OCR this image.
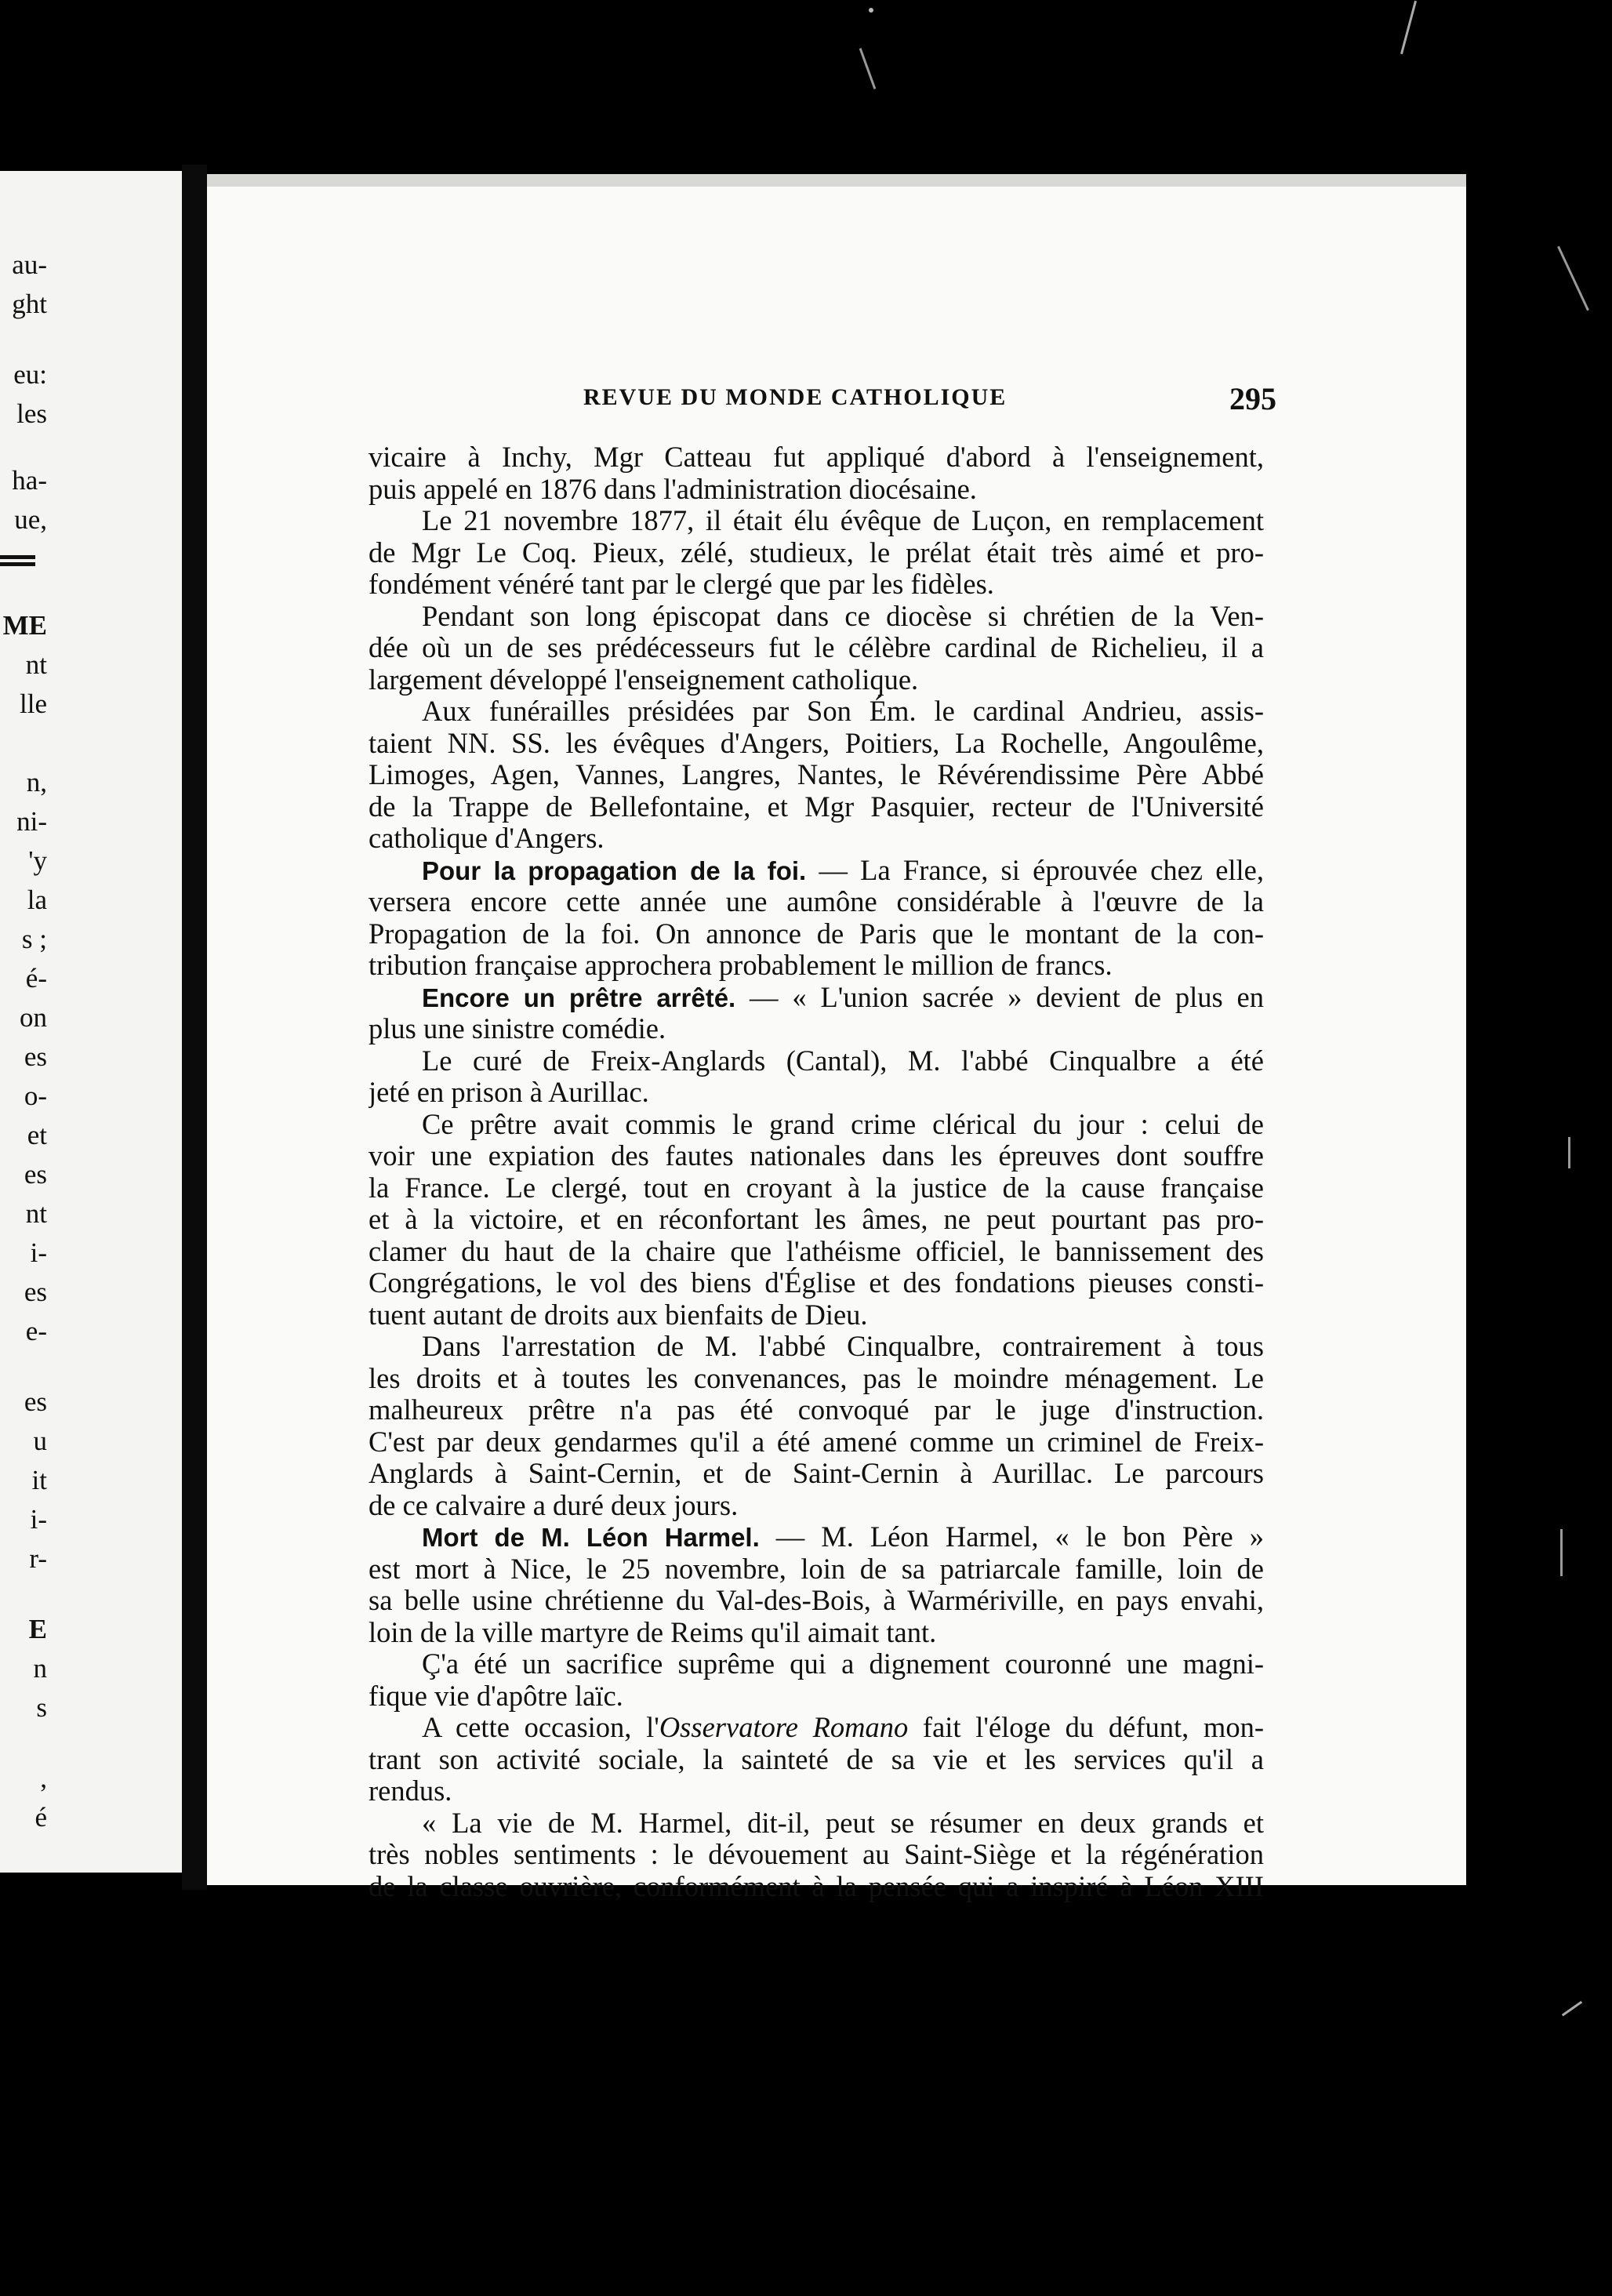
au-
ght
eu:
les
ha-
ue,
ME
nt
lle
n,
ni-
'y
la
s ;
é-
on
es
o-
et
es
nt
i-
es
e-
es
u
it
i-
r-
E
n
s
,
é
REVUE DU MONDE CATHOLIQUE	295
vicaire à Inchy, Mgr Catteau fut appliqué d'abord à l'enseignement,
puis appelé en 1876 dans l'administration diocésaine.
Le 21 novembre 1877, il était élu évêque de Luçon, en remplacement
de Mgr Le Coq. Pieux, zélé, studieux, le prélat était très aimé et pro-
fondément vénéré tant par le clergé que par les fidèles.
Pendant son long épiscopat dans ce diocèse si chrétien de la Ven-
dée où un de ses prédécesseurs fut le célèbre cardinal de Richelieu, il a
largement développé l'enseignement catholique.
Aux funérailles présidées par Son Ém. le cardinal Andrieu, assis-
taient NN. SS. les évêques d'Angers, Poitiers, La Rochelle, Angoulême,
Limoges, Agen, Vannes, Langres, Nantes, le Révérendissime Père Abbé
de la Trappe de Bellefontaine, et Mgr Pasquier, recteur de l'Université
catholique d'Angers.
Pour la propagation de la foi. — La France, si éprouvée chez elle,
versera encore cette année une aumône considérable à l'œuvre de la
Propagation de la foi. On annonce de Paris que le montant de la con-
tribution française approchera probablement le million de francs.
Encore un prêtre arrêté. — « L'union sacrée » devient de plus en
plus une sinistre comédie.
Le curé de Freix-Anglards (Cantal), M. l'abbé Cinqualbre a été
jeté en prison à Aurillac.
Ce prêtre avait commis le grand crime clérical du jour : celui de
voir une expiation des fautes nationales dans les épreuves dont souffre
la France. Le clergé, tout en croyant à la justice de la cause française
et à la victoire, et en réconfortant les âmes, ne peut pourtant pas pro-
clamer du haut de la chaire que l'athéisme officiel, le bannissement des
Congrégations, le vol des biens d'Église et des fondations pieuses consti-
tuent autant de droits aux bienfaits de Dieu.
Dans l'arrestation de M. l'abbé Cinqualbre, contrairement à tous
les droits et à toutes les convenances, pas le moindre ménagement. Le
malheureux prêtre n'a pas été convoqué par le juge d'instruction.
C'est par deux gendarmes qu'il a été amené comme un criminel de Freix-
Anglards à Saint-Cernin, et de Saint-Cernin à Aurillac. Le parcours
de ce calvaire a duré deux jours.
Mort de M. Léon Harmel. — M. Léon Harmel, « le bon Père »
est mort à Nice, le 25 novembre, loin de sa patriarcale famille, loin de
sa belle usine chrétienne du Val-des-Bois, à Warmériville, en pays envahi,
loin de la ville martyre de Reims qu'il aimait tant.
Ç'a été un sacrifice suprême qui a dignement couronné une magni-
fique vie d'apôtre laïc.
A cette occasion, l'Osservatore Romano fait l'éloge du défunt, mon-
trant son activité sociale, la sainteté de sa vie et les services qu'il a
rendus.
« La vie de M. Harmel, dit-il, peut se résumer en deux grands et
très nobles sentiments : le dévouement au Saint-Siège et la régénération
de la classe ouvrière, conformément à la pensée qui a inspiré à Léon XIII
